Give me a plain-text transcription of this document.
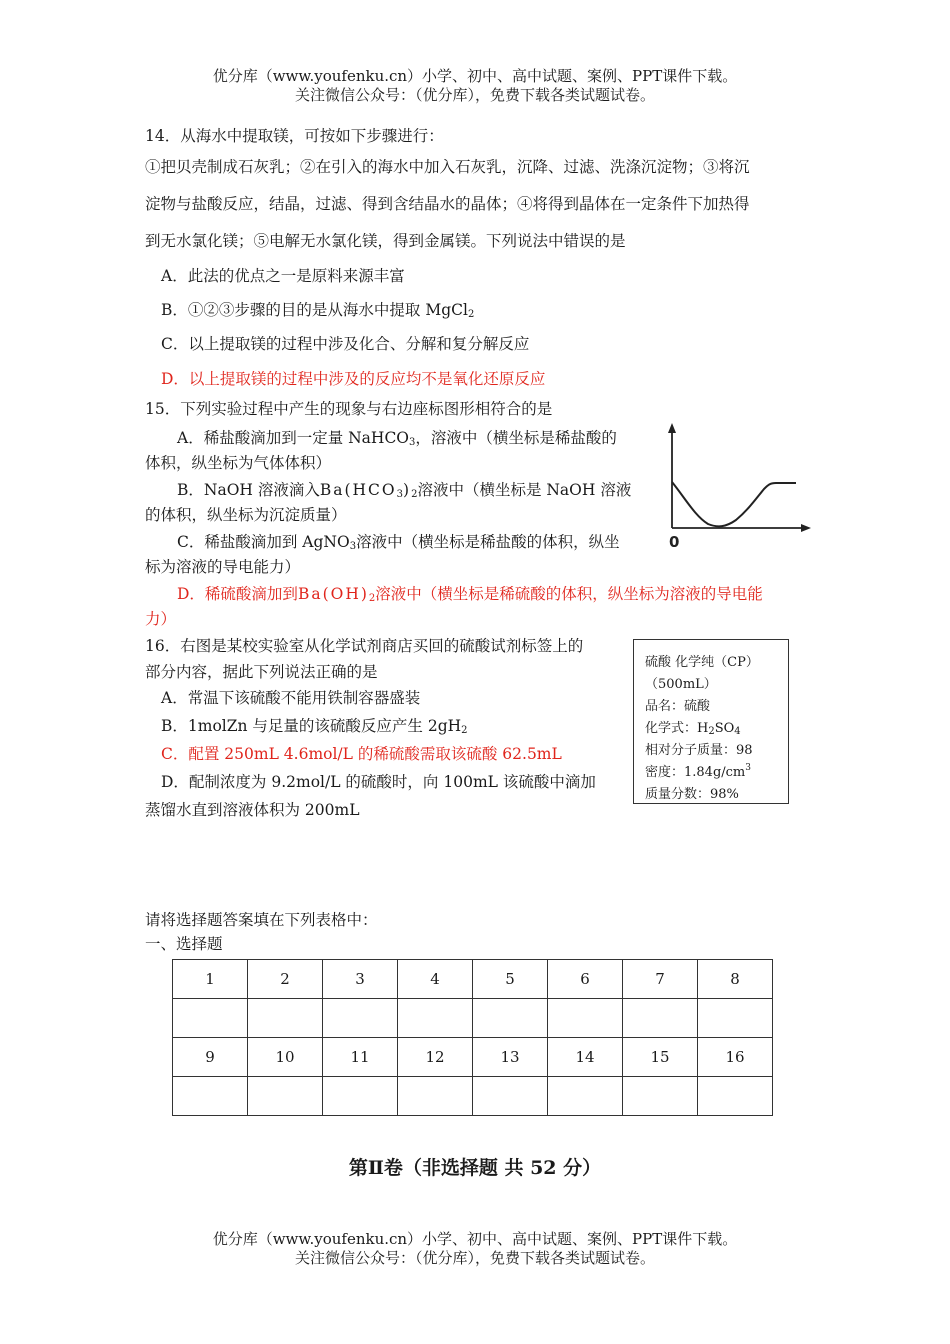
优分库（www.youfenku.cn）小学、初中、高中试题、案例、PPT课件下载。
关注微信公众号：（优分库），免费下载各类试题试卷。
14．从海水中提取镁，可按如下步骤进行：
①把贝壳制成石灰乳；②在引入的海水中加入石灰乳，沉降、过滤、洗涤沉淀物；③将沉
淀物与盐酸反应，结晶，过滤、得到含结晶水的晶体；④将得到晶体在一定条件下加热得
到无水氯化镁；⑤电解无水氯化镁，得到金属镁。下列说法中错误的是
A．此法的优点之一是原料来源丰富
B．①②③步骤的目的是从海水中提取 MgCl$_2$
C．以上提取镁的过程中涉及化合、分解和复分解反应
D．以上提取镁的过程中涉及的反应均不是氧化还原反应
15．下列实验过程中产生的现象与右边座标图形相符合的是
A．稀盐酸滴加到一定量 NaHCO$_3$，溶液中（横坐标是稀盐酸的
体积，纵坐标为气体体积）
B．NaOH 溶液滴入$Ba(HCO_3)_2$溶液中（横坐标是 NaOH 溶液
的体积，纵坐标为沉淀质量）
C．稀盐酸滴加到 AgNO$_3$溶液中（横坐标是稀盐酸的体积，纵坐
标为溶液的导电能力）
D．稀硫酸滴加到$Ba(OH)_2$溶液中（横坐标是稀硫酸的体积，纵坐标为溶液的导电能
力）
0
16．右图是某校实验室从化学试剂商店买回的硫酸试剂标签上的
部分内容，据此下列说法正确的是
A．常温下该硫酸不能用铁制容器盛装
B．1molZn 与足量的该硫酸反应产生 $2gH_2$
C．配置 250mL 4.6mol/L 的稀硫酸需取该硫酸 62.5mL
D．配制浓度为 9.2mol/L 的硫酸时，向 100mL 该硫酸中滴加
蒸馏水直到溶液体积为 200mL
硫酸 化学纯（CP）
（500mL）
品名：硫酸
化学式：$H_2SO_4$
相对分子质量：98
密度：$1.84g/cm^3$
质量分数：98%
请将选择题答案填在下列表格中：
一、选择题
1	2	3	4	5	6	7	8

9	10	11	12	13	14	15	16

第Ⅱ卷（非选择题 共 52 分）
优分库（www.youfenku.cn）小学、初中、高中试题、案例、PPT课件下载。
关注微信公众号：（优分库），免费下载各类试题试卷。
